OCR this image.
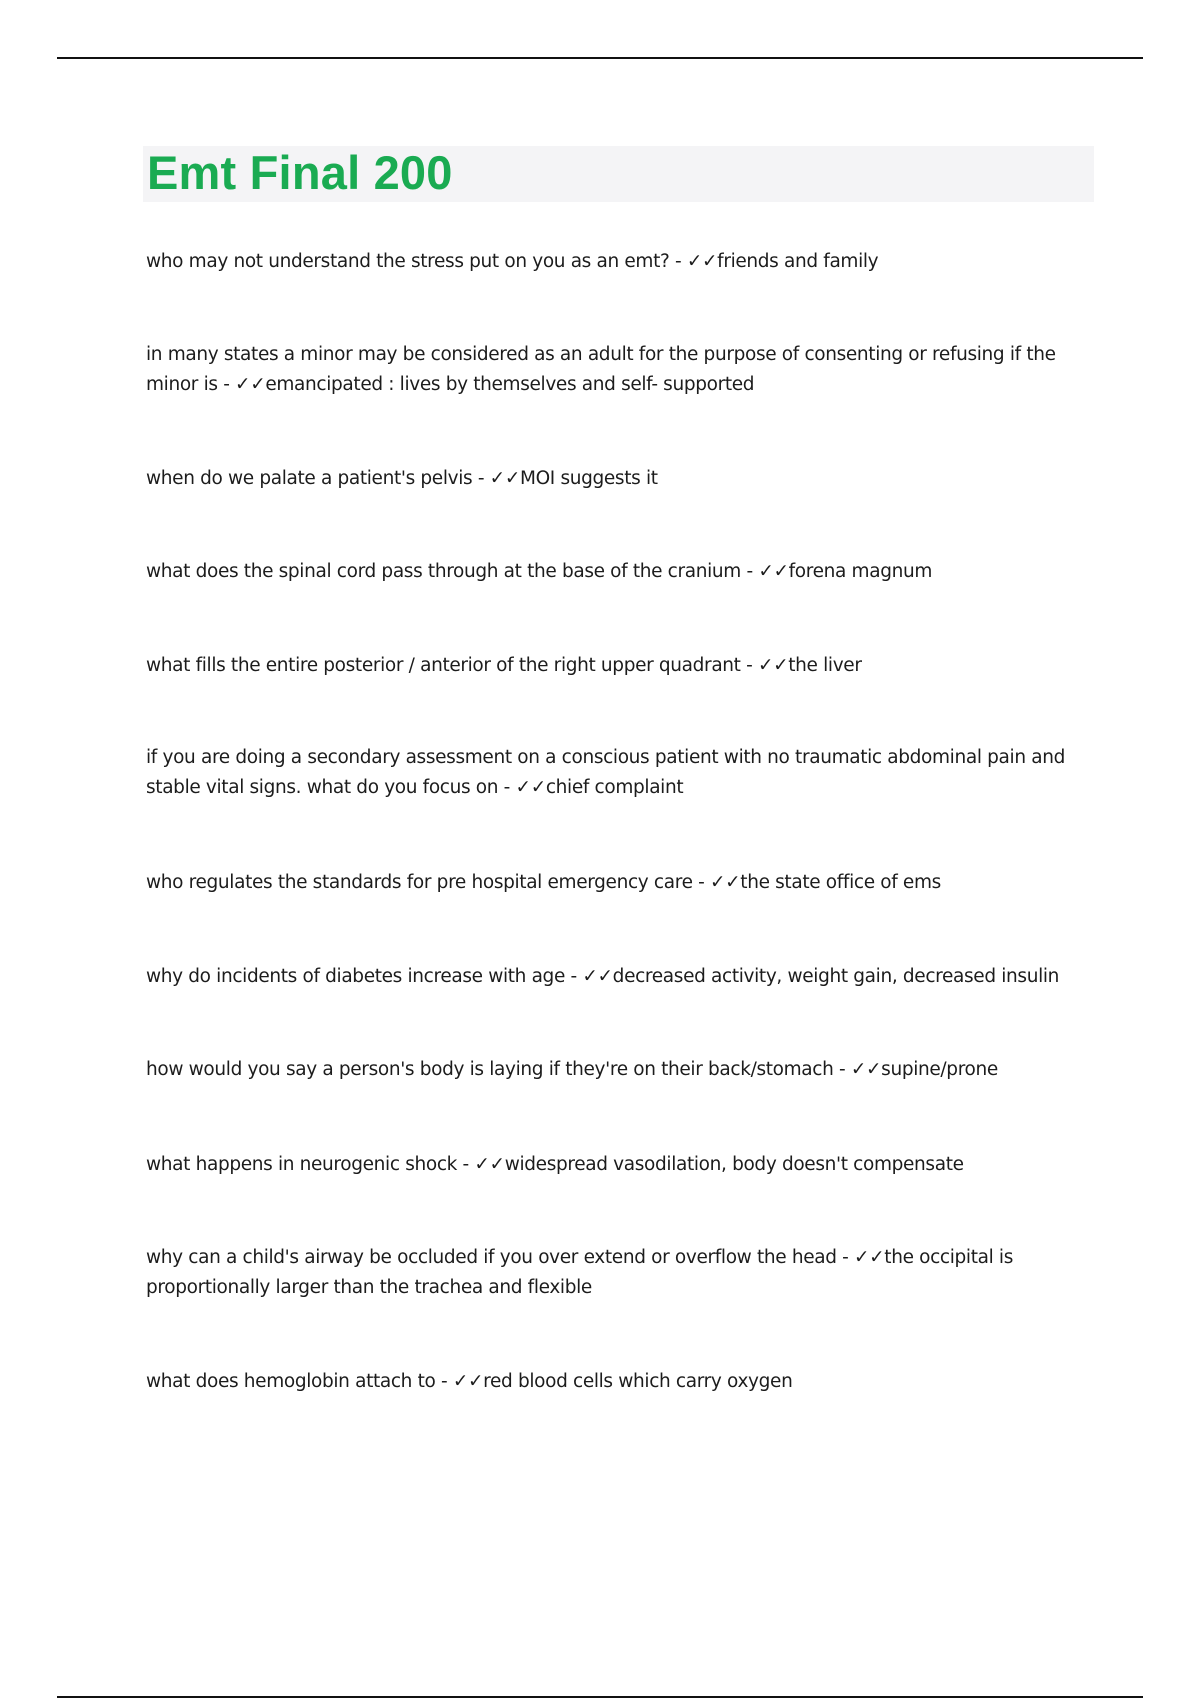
Emt Final 200

who may not understand the stress put on you as an emt? - ✓✓friends and family

in many states a minor may be considered as an adult for the purpose of consenting or refusing if the minor is - ✓✓emancipated : lives by themselves and self- supported

when do we palate a patient's pelvis - ✓✓MOI suggests it

what does the spinal cord pass through at the base of the cranium - ✓✓forena magnum

what fills the entire posterior / anterior of the right upper quadrant - ✓✓the liver

if you are doing a secondary assessment on a conscious patient with no traumatic abdominal pain and stable vital signs. what do you focus on - ✓✓chief complaint

who regulates the standards for pre hospital emergency care - ✓✓the state office of ems

why do incidents of diabetes increase with age - ✓✓decreased activity, weight gain, decreased insulin

how would you say a person's body is laying if they're on their back/stomach - ✓✓supine/prone

what happens in neurogenic shock - ✓✓widespread vasodilation, body doesn't compensate

why can a child's airway be occluded if you over extend or overflow the head - ✓✓the occipital is proportionally larger than the trachea and flexible

what does hemoglobin attach to - ✓✓red blood cells which carry oxygen
